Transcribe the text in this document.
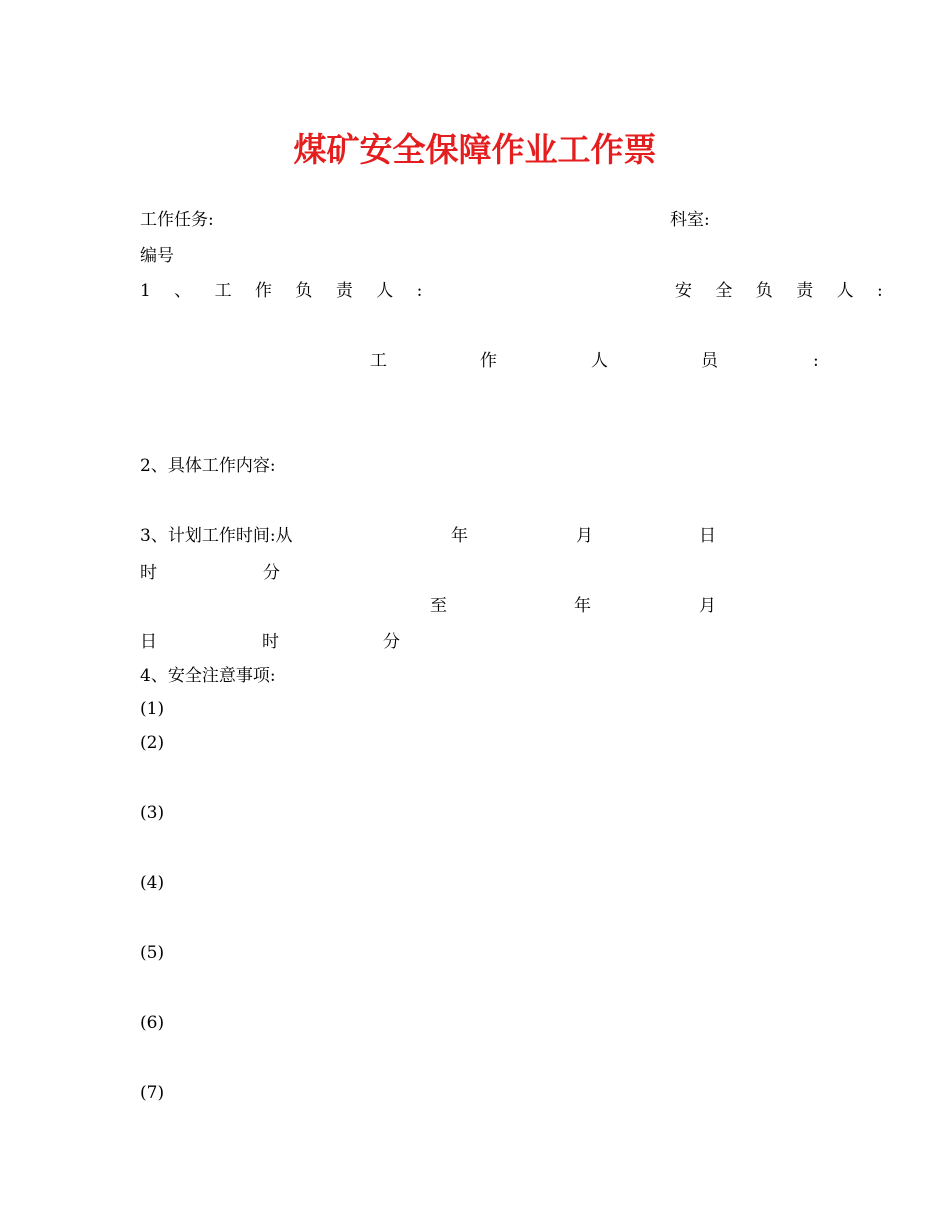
煤矿安全保障作业工作票
工作任务:	科室:
编号
1 、 工 作 负 责 人 :	安 全 负 责 人 :
工	作	人	员	:
2、具体工作内容:
3、计划工作时间:从	年	月	日
时	分
至	年	月
日	时	分
4、安全注意事项:
(1)
(2)
(3)
(4)
(5)
(6)
(7)
